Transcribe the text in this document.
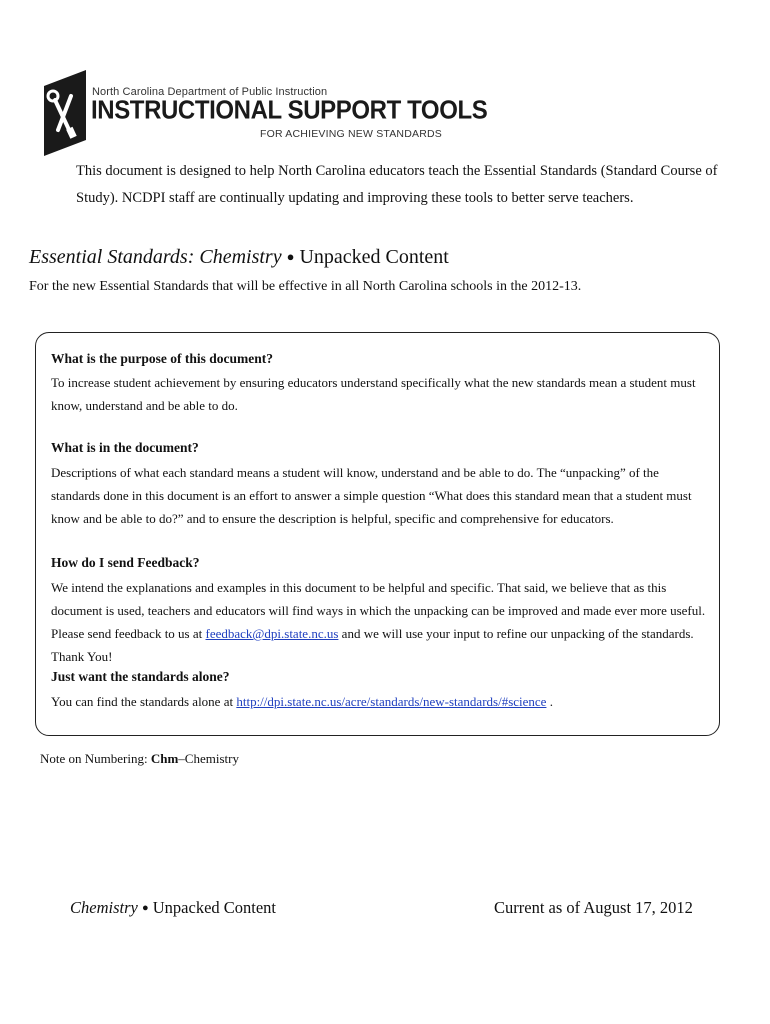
North Carolina Department of Public Instruction
INSTRUCTIONAL SUPPORT TOOLS
FOR ACHIEVING NEW STANDARDS
This document is designed to help North Carolina educators teach the Essential Standards (Standard Course of Study). NCDPI staff are continually updating and improving these tools to better serve teachers.
Essential Standards: Chemistry ● Unpacked Content
For the new Essential Standards that will be effective in all North Carolina schools in the 2012-13.
What is the purpose of this document?
To increase student achievement by ensuring educators understand specifically what the new standards mean a student must know, understand and be able to do.
What is in the document?
Descriptions of what each standard means a student will know, understand and be able to do. The “unpacking” of the standards done in this document is an effort to answer a simple question “What does this standard mean that a student must know and be able to do?” and to ensure the description is helpful, specific and comprehensive for educators.
How do I send Feedback?
We intend the explanations and examples in this document to be helpful and specific. That said, we believe that as this document is used, teachers and educators will find ways in which the unpacking can be improved and made ever more useful. Please send feedback to us at feedback@dpi.state.nc.us and we will use your input to refine our unpacking of the standards. Thank You!
Just want the standards alone?
You can find the standards alone at http://dpi.state.nc.us/acre/standards/new-standards/#science .
Note on Numbering: Chm–Chemistry
Chemistry ● Unpacked Content	Current as of August 17, 2012
